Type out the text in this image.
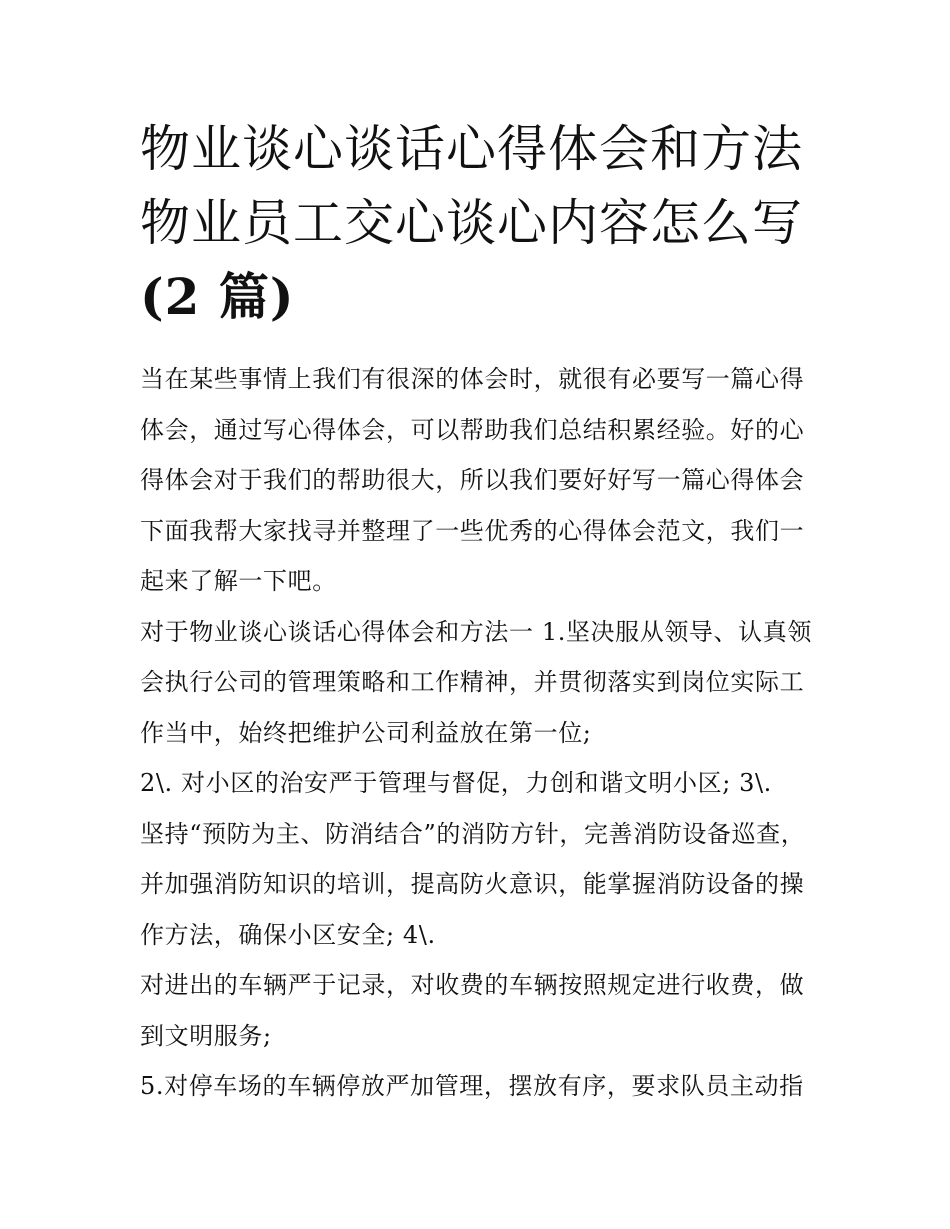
物业谈心谈话心得体会和方法
物业员工交心谈心内容怎么写
(2 篇)
当在某些事情上我们有很深的体会时，就很有必要写一篇心得
体会，通过写心得体会，可以帮助我们总结积累经验。好的心
得体会对于我们的帮助很大，所以我们要好好写一篇心得体会
下面我帮大家找寻并整理了一些优秀的心得体会范文，我们一
起来了解一下吧。
对于物业谈心谈话心得体会和方法一 1.坚决服从领导、认真领
会执行公司的管理策略和工作精神，并贯彻落实到岗位实际工
作当中，始终把维护公司利益放在第一位;
2\. 对小区的治安严于管理与督促，力创和谐文明小区; 3\.
坚持“预防为主、防消结合”的消防方针，完善消防设备巡查，
并加强消防知识的培训，提高防火意识，能掌握消防设备的操
作方法，确保小区安全; 4\.
对进出的车辆严于记录，对收费的车辆按照规定进行收费，做
到文明服务;
5.对停车场的车辆停放严加管理，摆放有序，要求队员主动指
